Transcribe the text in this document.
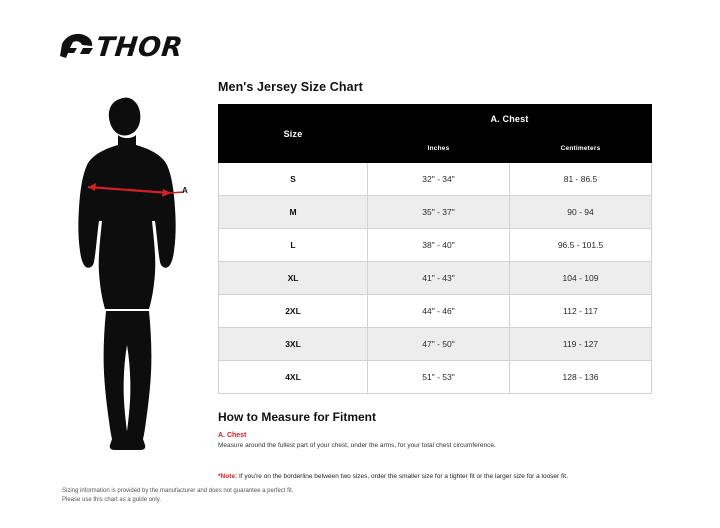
THOR
A
Men's Jersey Size Chart
Size	A. Chest	
	Inches	Centimeters
S	32" - 34"	81 - 86.5
M	35" - 37"	90 - 94
L	38" - 40"	96.5 - 101.5
XL	41" - 43"	104 - 109
2XL	44" - 46"	112 - 117
3XL	47" - 50"	119 - 127
4XL	51" - 53"	128 - 136
How to Measure for Fitment

A. Chest

Measure around the fullest part of your chest, under the arms, for your total chest circumference.

*Note: If you're on the borderline between two sizes, order the smaller size for a tighter fit or the larger size for a looser fit.

Sizing information is provided by the manufacturer and does not guarantee a perfect fit.
Please use this chart as a guide only.
